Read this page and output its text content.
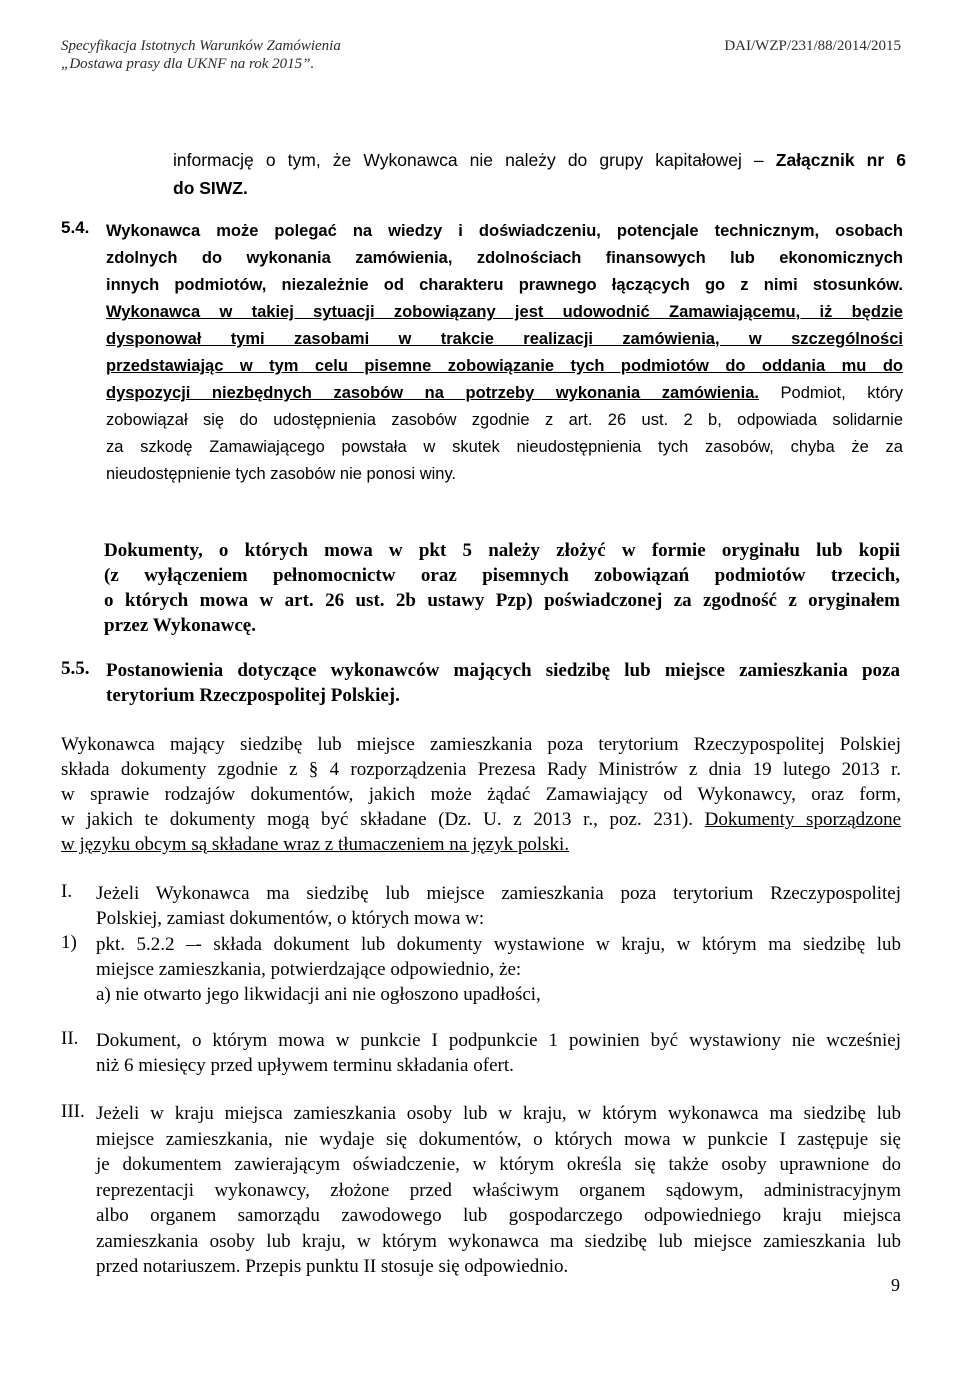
Specyfikacja Istotnych Warunków Zamówienia
„Dostawa prasy dla UKNF na rok 2015”.
DAI/WZP/231/88/2014/2015
informację o tym, że Wykonawca nie należy do grupy kapitałowej – Załącznik nr 6
do SIWZ.
5.4. Wykonawca może polegać na wiedzy i doświadczeniu, potencjale technicznym, osobach
zdolnych do wykonania zamówienia, zdolnościach finansowych lub ekonomicznych
innych podmiotów, niezależnie od charakteru prawnego łączących go z nimi stosunków.
Wykonawca w takiej sytuacji zobowiązany jest udowodnić Zamawiającemu, iż będzie
dysponował tymi zasobami w trakcie realizacji zamówienia, w szczególności
przedstawiając w tym celu pisemne zobowiązanie tych podmiotów do oddania mu do
dyspozycji niezbędnych zasobów na potrzeby wykonania zamówienia. Podmiot, który
zobowiązał się do udostępnienia zasobów zgodnie z art. 26 ust. 2 b, odpowiada solidarnie
za szkodę Zamawiającego powstała w skutek nieudostępnienia tych zasobów, chyba że za
nieudostępnienie tych zasobów nie ponosi winy.
Dokumenty, o których mowa w pkt 5 należy złożyć w formie oryginału lub kopii
(z wyłączeniem pełnomocnictw oraz pisemnych zobowiązań podmiotów trzecich,
o których mowa w art. 26 ust. 2b ustawy Pzp) poświadczonej za zgodność z oryginałem
przez Wykonawcę.
5.5. Postanowienia dotyczące wykonawców mających siedzibę lub miejsce zamieszkania poza
terytorium Rzeczpospolitej Polskiej.
Wykonawca mający siedzibę lub miejsce zamieszkania poza terytorium Rzeczypospolitej Polskiej
składa dokumenty zgodnie z § 4 rozporządzenia Prezesa Rady Ministrów z dnia 19 lutego 2013 r.
w sprawie rodzajów dokumentów, jakich może żądać Zamawiający od Wykonawcy, oraz form,
w jakich te dokumenty mogą być składane (Dz. U. z 2013 r., poz. 231). Dokumenty sporządzone
w języku obcym są składane wraz z tłumaczeniem na język polski.
I. Jeżeli Wykonawca ma siedzibę lub miejsce zamieszkania poza terytorium Rzeczypospolitej
Polskiej, zamiast dokumentów, o których mowa w:
1) pkt. 5.2.2 –- składa dokument lub dokumenty wystawione w kraju, w którym ma siedzibę lub
miejsce zamieszkania, potwierdzające odpowiednio, że:
a) nie otwarto jego likwidacji ani nie ogłoszono upadłości,
II. Dokument, o którym mowa w punkcie I podpunkcie 1 powinien być wystawiony nie wcześniej
niż 6 miesięcy przed upływem terminu składania ofert.
III. Jeżeli w kraju miejsca zamieszkania osoby lub w kraju, w którym wykonawca ma siedzibę lub
miejsce zamieszkania, nie wydaje się dokumentów, o których mowa w punkcie I zastępuje się
je dokumentem zawierającym oświadczenie, w którym określa się także osoby uprawnione do
reprezentacji wykonawcy, złożone przed właściwym organem sądowym, administracyjnym
albo organem samorządu zawodowego lub gospodarczego odpowiedniego kraju miejsca
zamieszkania osoby lub kraju, w którym wykonawca ma siedzibę lub miejsce zamieszkania lub
przed notariuszem. Przepis punktu II stosuje się odpowiednio.
9
